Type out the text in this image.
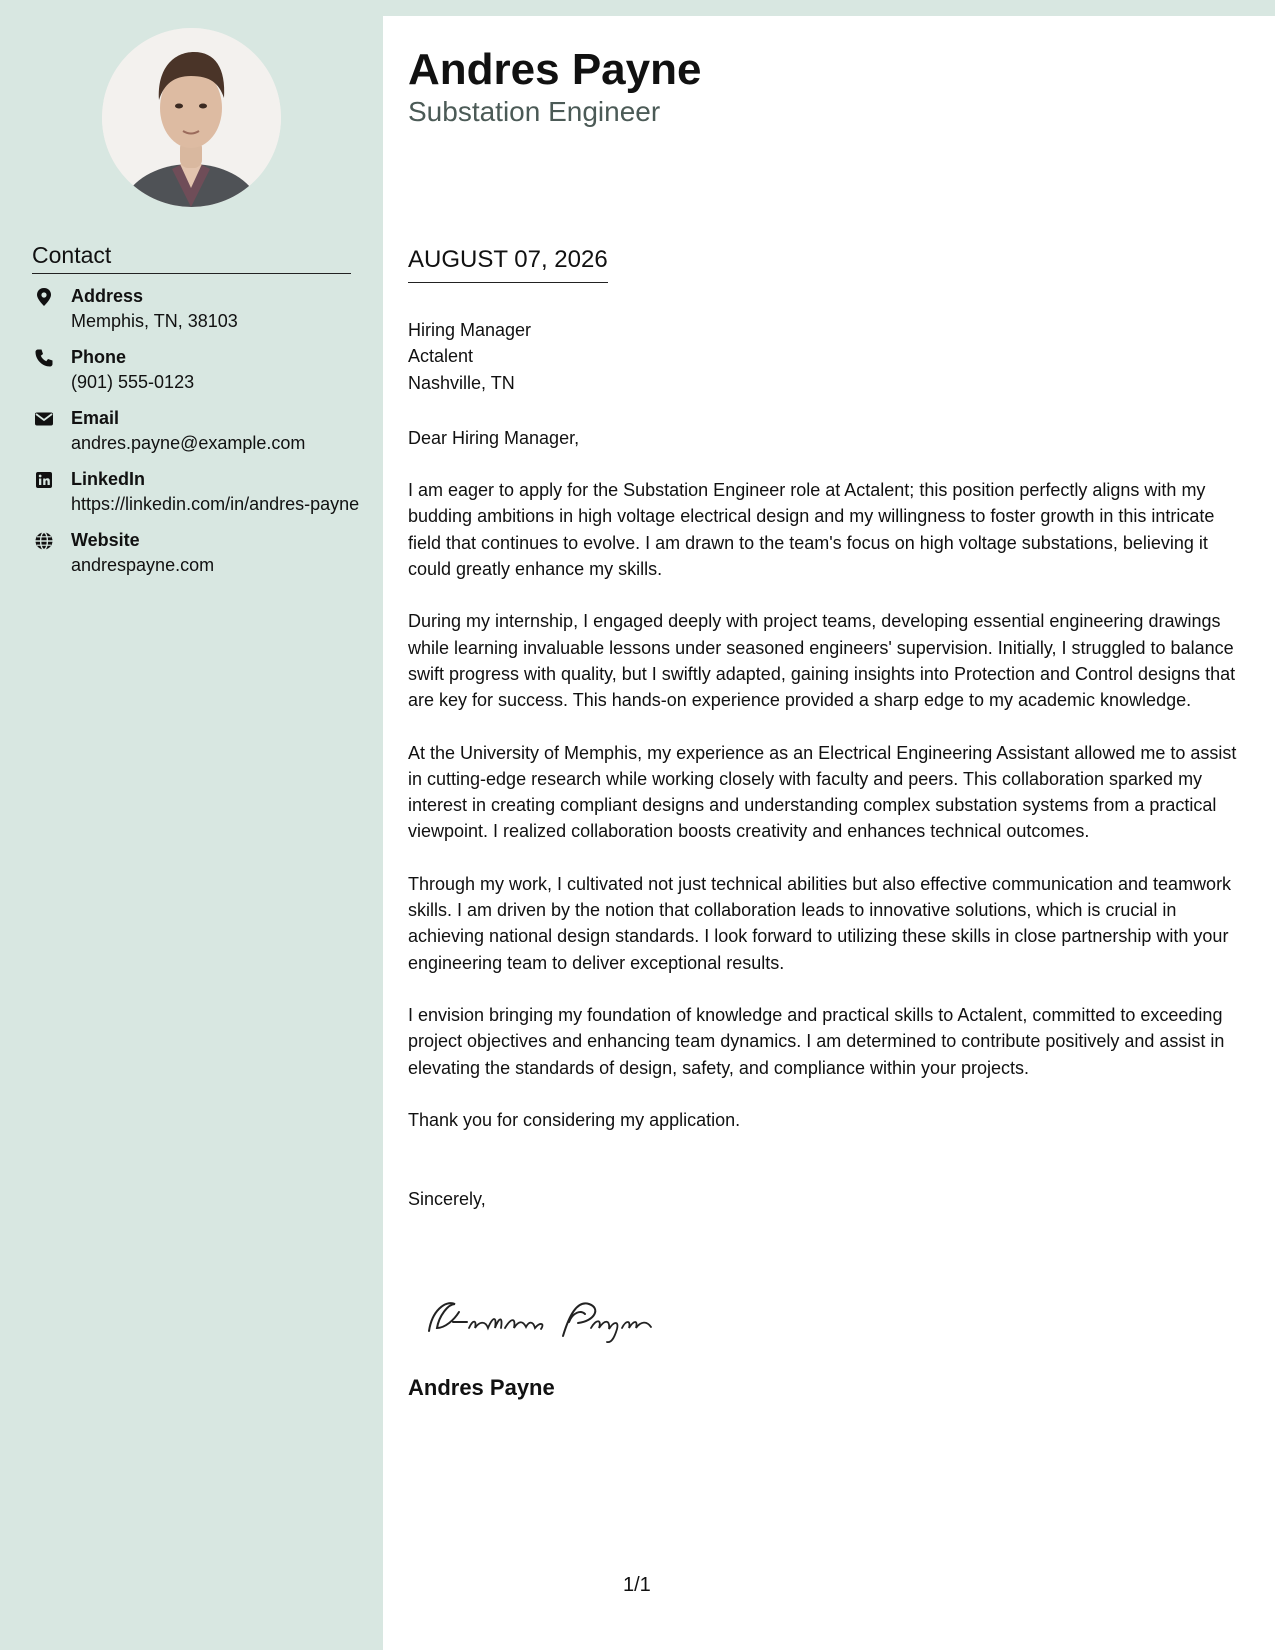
Contact
Address
Memphis, TN, 38103
Phone
(901) 555-0123
Email
andres.payne@example.com
LinkedIn
https://linkedin.com/in/andres-payne
Website
andrespayne.com
Andres Payne
Substation Engineer
AUGUST 07, 2026
Hiring Manager
Actalent
Nashville, TN

Dear Hiring Manager,

I am eager to apply for the Substation Engineer role at Actalent; this position perfectly aligns with my budding ambitions in high voltage electrical design and my willingness to foster growth in this intricate field that continues to evolve. I am drawn to the team's focus on high voltage substations, believing it could greatly enhance my skills.

During my internship, I engaged deeply with project teams, developing essential engineering drawings while learning invaluable lessons under seasoned engineers' supervision. Initially, I struggled to balance swift progress with quality, but I swiftly adapted, gaining insights into Protection and Control designs that are key for success. This hands-on experience provided a sharp edge to my academic knowledge.

At the University of Memphis, my experience as an Electrical Engineering Assistant allowed me to assist in cutting-edge research while working closely with faculty and peers. This collaboration sparked my interest in creating compliant designs and understanding complex substation systems from a practical viewpoint. I realized collaboration boosts creativity and enhances technical outcomes.

Through my work, I cultivated not just technical abilities but also effective communication and teamwork skills. I am driven by the notion that collaboration leads to innovative solutions, which is crucial in achieving national design standards. I look forward to utilizing these skills in close partnership with your engineering team to deliver exceptional results.

I envision bringing my foundation of knowledge and practical skills to Actalent, committed to exceeding project objectives and enhancing team dynamics. I am determined to contribute positively and assist in elevating the standards of design, safety, and compliance within your projects.

Thank you for considering my application.

Sincerely,

Andres Payne
1/1
